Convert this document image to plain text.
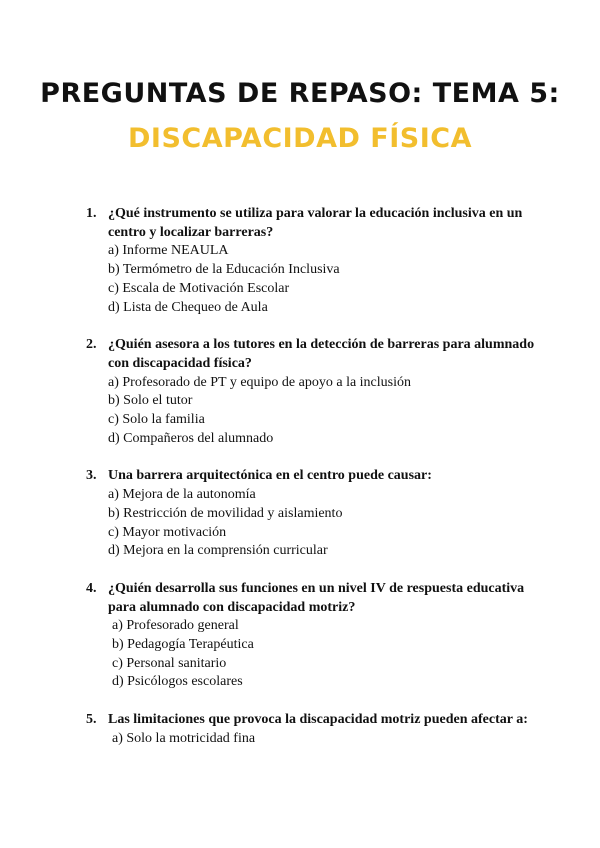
PREGUNTAS DE REPASO: TEMA 5:
DISCAPACIDAD FÍSICA
1. ¿Qué instrumento se utiliza para valorar la educación inclusiva en un centro y localizar barreras?

a) Informe NEAULA
b) Termómetro de la Educación Inclusiva
c) Escala de Motivación Escolar
d) Lista de Chequeo de Aula
2. ¿Quién asesora a los tutores en la detección de barreras para alumnado con discapacidad física?

a) Profesorado de PT y equipo de apoyo a la inclusión
b) Solo el tutor
c) Solo la familia
d) Compañeros del alumnado
3. Una barrera arquitectónica en el centro puede causar:

a) Mejora de la autonomía
b) Restricción de movilidad y aislamiento
c) Mayor motivación
d) Mejora en la comprensión curricular
4. ¿Quién desarrolla sus funciones en un nivel IV de respuesta educativa para alumnado con discapacidad motriz?

a) Profesorado general
b) Pedagogía Terapéutica
c) Personal sanitario
d) Psicólogos escolares
5. Las limitaciones que provoca la discapacidad motriz pueden afectar a:

a) Solo la motricidad fina
